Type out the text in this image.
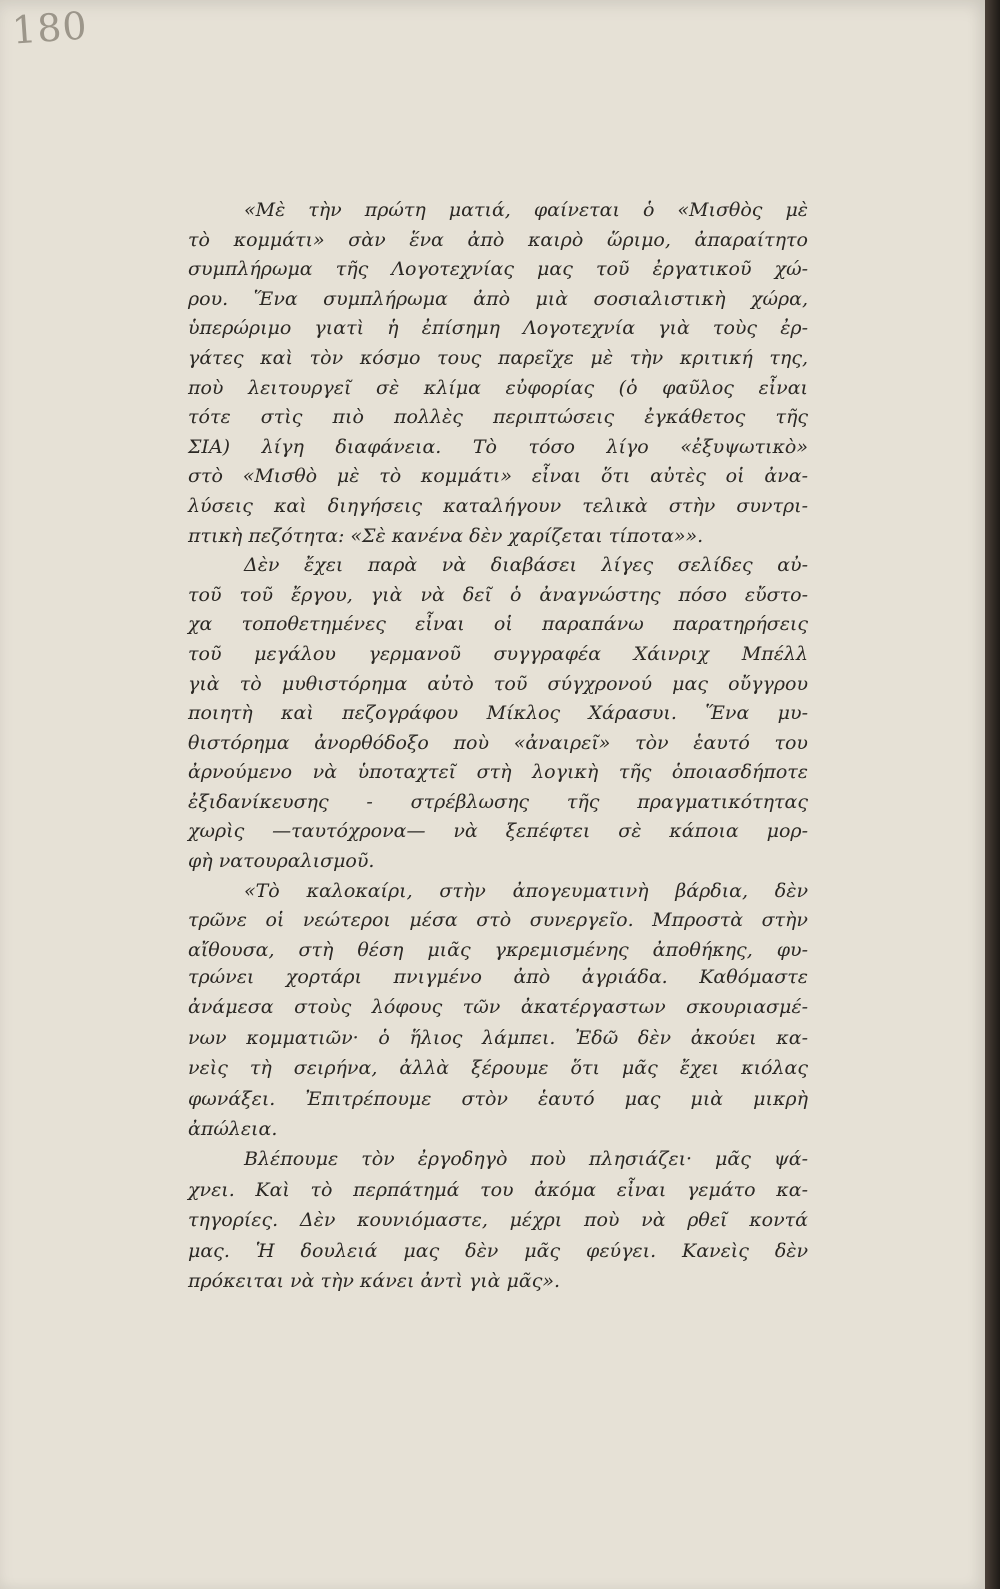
180
«Μὲ τὴν πρώτη ματιά, φαίνεται ὁ «Μισθὸς μὲ
τὸ κομμάτι» σὰν ἕνα ἀπὸ καιρὸ ὥριμο, ἀπαραίτητο
συμπλήρωμα τῆς Λογοτεχνίας μας τοῦ ἐργατικοῦ χώ-
ρου. Ἕνα συμπλήρωμα ἀπὸ μιὰ σοσιαλιστικὴ χώρα,
ὑπερώριμο γιατὶ ἡ ἐπίσημη Λογοτεχνία γιὰ τοὺς ἐρ-
γάτες καὶ τὸν κόσμο τους παρεῖχε μὲ τὴν κριτική της,
ποὺ λειτουργεῖ σὲ κλίμα εὐφορίας (ὁ φαῦλος εἶναι
τότε στὶς πιὸ πολλὲς περιπτώσεις ἐγκάθετος τῆς
ΣΙΑ) λίγη διαφάνεια. Τὸ τόσο λίγο «ἐξυψωτικὸ»
στὸ «Μισθὸ μὲ τὸ κομμάτι» εἶναι ὅτι αὐτὲς οἱ ἀνα-
λύσεις καὶ διηγήσεις καταλήγουν τελικὰ στὴν συντρι-
πτικὴ πεζότητα: «Σὲ κανένα δὲν χαρίζεται τίποτα»».
Δὲν ἔχει παρὰ νὰ διαβάσει λίγες σελίδες αὐ-
τοῦ τοῦ ἔργου, γιὰ νὰ δεῖ ὁ ἀναγνώστης πόσο εὔστο-
χα τοποθετημένες εἶναι οἱ παραπάνω παρατηρήσεις
τοῦ μεγάλου γερμανοῦ συγγραφέα Χάινριχ Μπέλλ
γιὰ τὸ μυθιστόρημα αὐτὸ τοῦ σύγχρονού μας οὔγγρου
ποιητὴ καὶ πεζογράφου Μίκλος Χάρασυι. Ἕνα μυ-
θιστόρημα ἀνορθόδοξο ποὺ «ἀναιρεῖ» τὸν ἑαυτό του
ἀρνούμενο νὰ ὑποταχτεῖ στὴ λογικὴ τῆς ὁποιασδήποτε
ἐξιδανίκευσης - στρέβλωσης τῆς πραγματικότητας
χωρὶς —ταυτόχρονα— νὰ ξεπέφτει σὲ κάποια μορ-
φὴ νατουραλισμοῦ.
«Τὸ καλοκαίρι, στὴν ἀπογευματινὴ βάρδια, δὲν
τρῶνε οἱ νεώτεροι μέσα στὸ συνεργεῖο. Μπροστὰ στὴν
αἴθουσα, στὴ θέση μιᾶς γκρεμισμένης ἀποθήκης, φυ-
τρώνει χορτάρι πνιγμένο ἀπὸ ἀγριάδα. Καθόμαστε
ἀνάμεσα στοὺς λόφους τῶν ἀκατέργαστων σκουριασμέ-
νων κομματιῶν· ὁ ἥλιος λάμπει. Ἐδῶ δὲν ἀκούει κα-
νεὶς τὴ σειρήνα, ἀλλὰ ξέρουμε ὅτι μᾶς ἔχει κιόλας
φωνάξει. Ἐπιτρέπουμε στὸν ἑαυτό μας μιὰ μικρὴ
ἀπώλεια.
Βλέπουμε τὸν ἐργοδηγὸ ποὺ πλησιάζει· μᾶς ψά-
χνει. Καὶ τὸ περπάτημά του ἀκόμα εἶναι γεμάτο κα-
τηγορίες. Δὲν κουνιόμαστε, μέχρι ποὺ νὰ ρθεῖ κοντά
μας. Ἡ δουλειά μας δὲν μᾶς φεύγει. Κανεὶς δὲν
πρόκειται νὰ τὴν κάνει ἀντὶ γιὰ μᾶς».
